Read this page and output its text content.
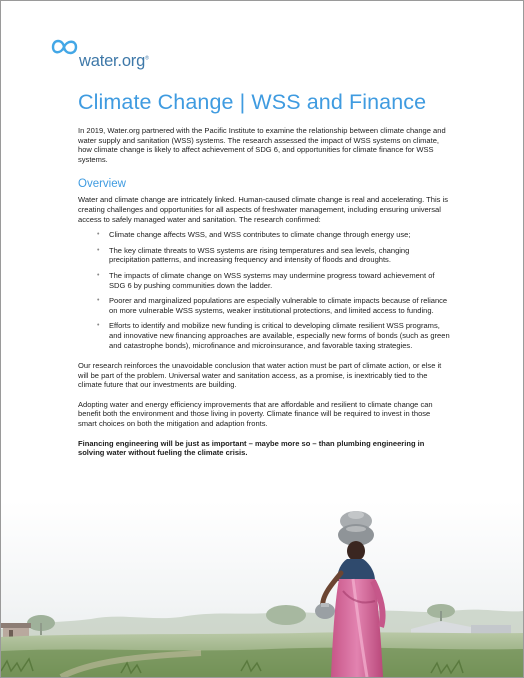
water.org®
Climate Change | WSS and Finance

In 2019, Water.org partnered with the Pacific Institute to examine the relationship between climate change and water supply and sanitation (WSS) systems. The research assessed the impact of WSS systems on climate, how climate change is likely to affect achievement of SDG 6, and opportunities for climate finance for WSS systems.

Overview

Water and climate change are intricately linked. Human-caused climate change is real and accelerating. This is creating challenges and opportunities for all aspects of freshwater management, including ensuring universal access to safely managed water and sanitation. The research confirmed:

• Climate change affects WSS, and WSS contributes to climate change through energy use;
• The key climate threats to WSS systems are rising temperatures and sea levels, changing precipitation patterns, and increasing frequency and intensity of floods and droughts.
• The impacts of climate change on WSS systems may undermine progress toward achievement of SDG 6 by pushing communities down the ladder.
• Poorer and marginalized populations are especially vulnerable to climate impacts because of reliance on more vulnerable WSS systems, weaker institutional protections, and limited access to funding.
• Efforts to identify and mobilize new funding is critical to developing climate resilient WSS programs, and innovative new financing approaches are available, especially new forms of bonds (such as green and catastrophe bonds), microfinance and microinsurance, and favorable taxing strategies.

Our research reinforces the unavoidable conclusion that water action must be part of climate action, or else it will be part of the problem. Universal water and sanitation access, as a promise, is inextricably tied to the climate future that our investments are building.

Adopting water and energy efficiency improvements that are affordable and resilient to climate change can benefit both the environment and those living in poverty. Climate finance will be required to invest in those smart choices on both the mitigation and adaption fronts.

Financing engineering will be just as important – maybe more so – than plumbing engineering in solving water without fueling the climate crisis.
